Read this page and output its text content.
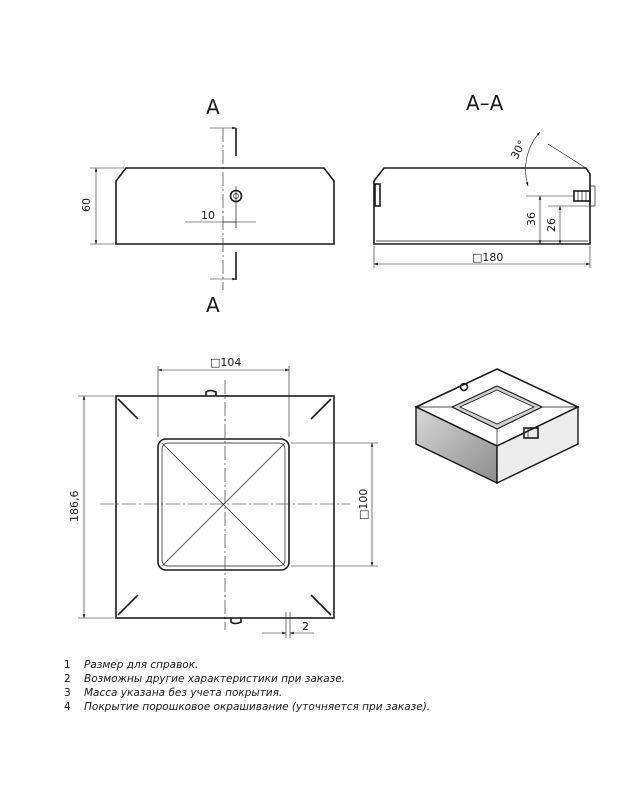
A
A
60
10
A–A
30°
36 26
□180
□104
□100
186,6
2
1	Размер для справок.
2	Возможны другие характеристики при заказе.
3	Масса указана без учета покрытия.
4	Покрытие порошковое окрашивание (уточняется при заказе).
